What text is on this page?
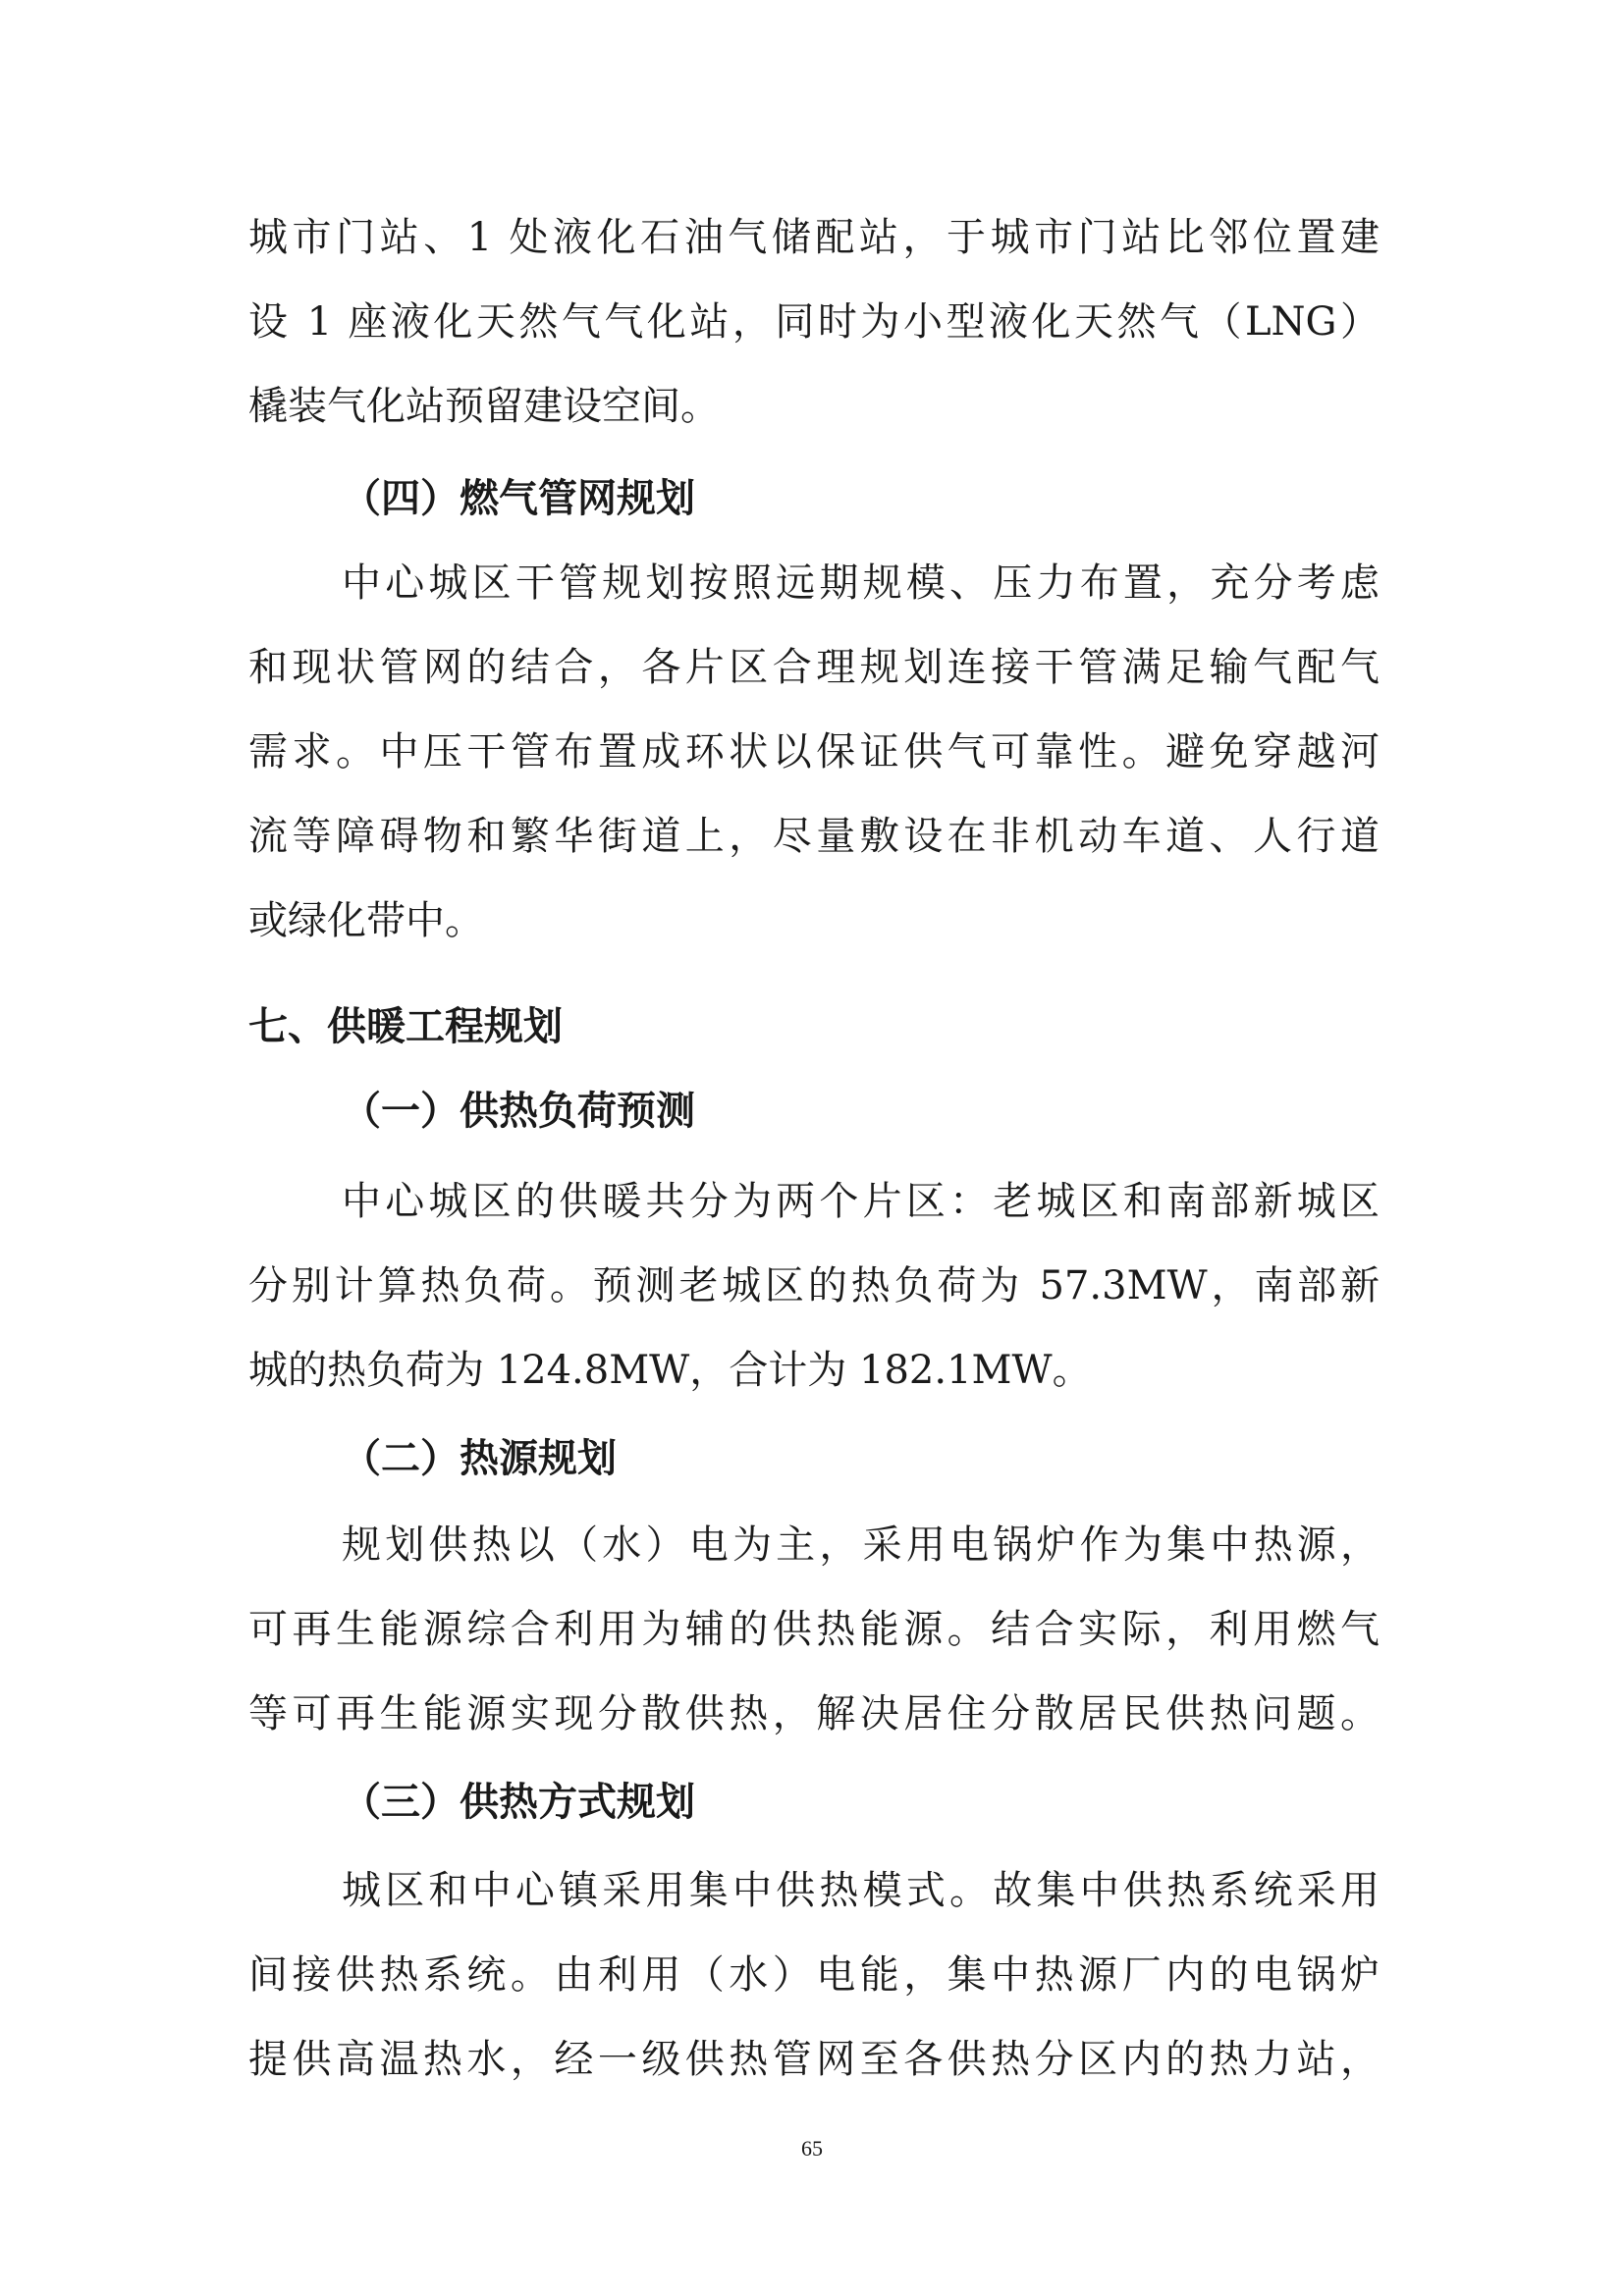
城市门站、1 处液化石油气储配站，于城市门站比邻位置建
设 1 座液化天然气气化站，同时为小型液化天然气（LNG）
橇装气化站预留建设空间。
（四）燃气管网规划
中心城区干管规划按照远期规模、压力布置，充分考虑
和现状管网的结合，各片区合理规划连接干管满足输气配气
需求。中压干管布置成环状以保证供气可靠性。避免穿越河
流等障碍物和繁华街道上，尽量敷设在非机动车道、人行道
或绿化带中。
七、供暖工程规划
（一）供热负荷预测
中心城区的供暖共分为两个片区：老城区和南部新城区
分别计算热负荷。预测老城区的热负荷为 57.3MW，南部新
城的热负荷为 124.8MW，合计为 182.1MW。
（二）热源规划
规划供热以（水）电为主，采用电锅炉作为集中热源，
可再生能源综合利用为辅的供热能源。结合实际，利用燃气
等可再生能源实现分散供热，解决居住分散居民供热问题。
（三）供热方式规划
城区和中心镇采用集中供热模式。故集中供热系统采用
间接供热系统。由利用（水）电能，集中热源厂内的电锅炉
提供高温热水，经一级供热管网至各供热分区内的热力站，
65
